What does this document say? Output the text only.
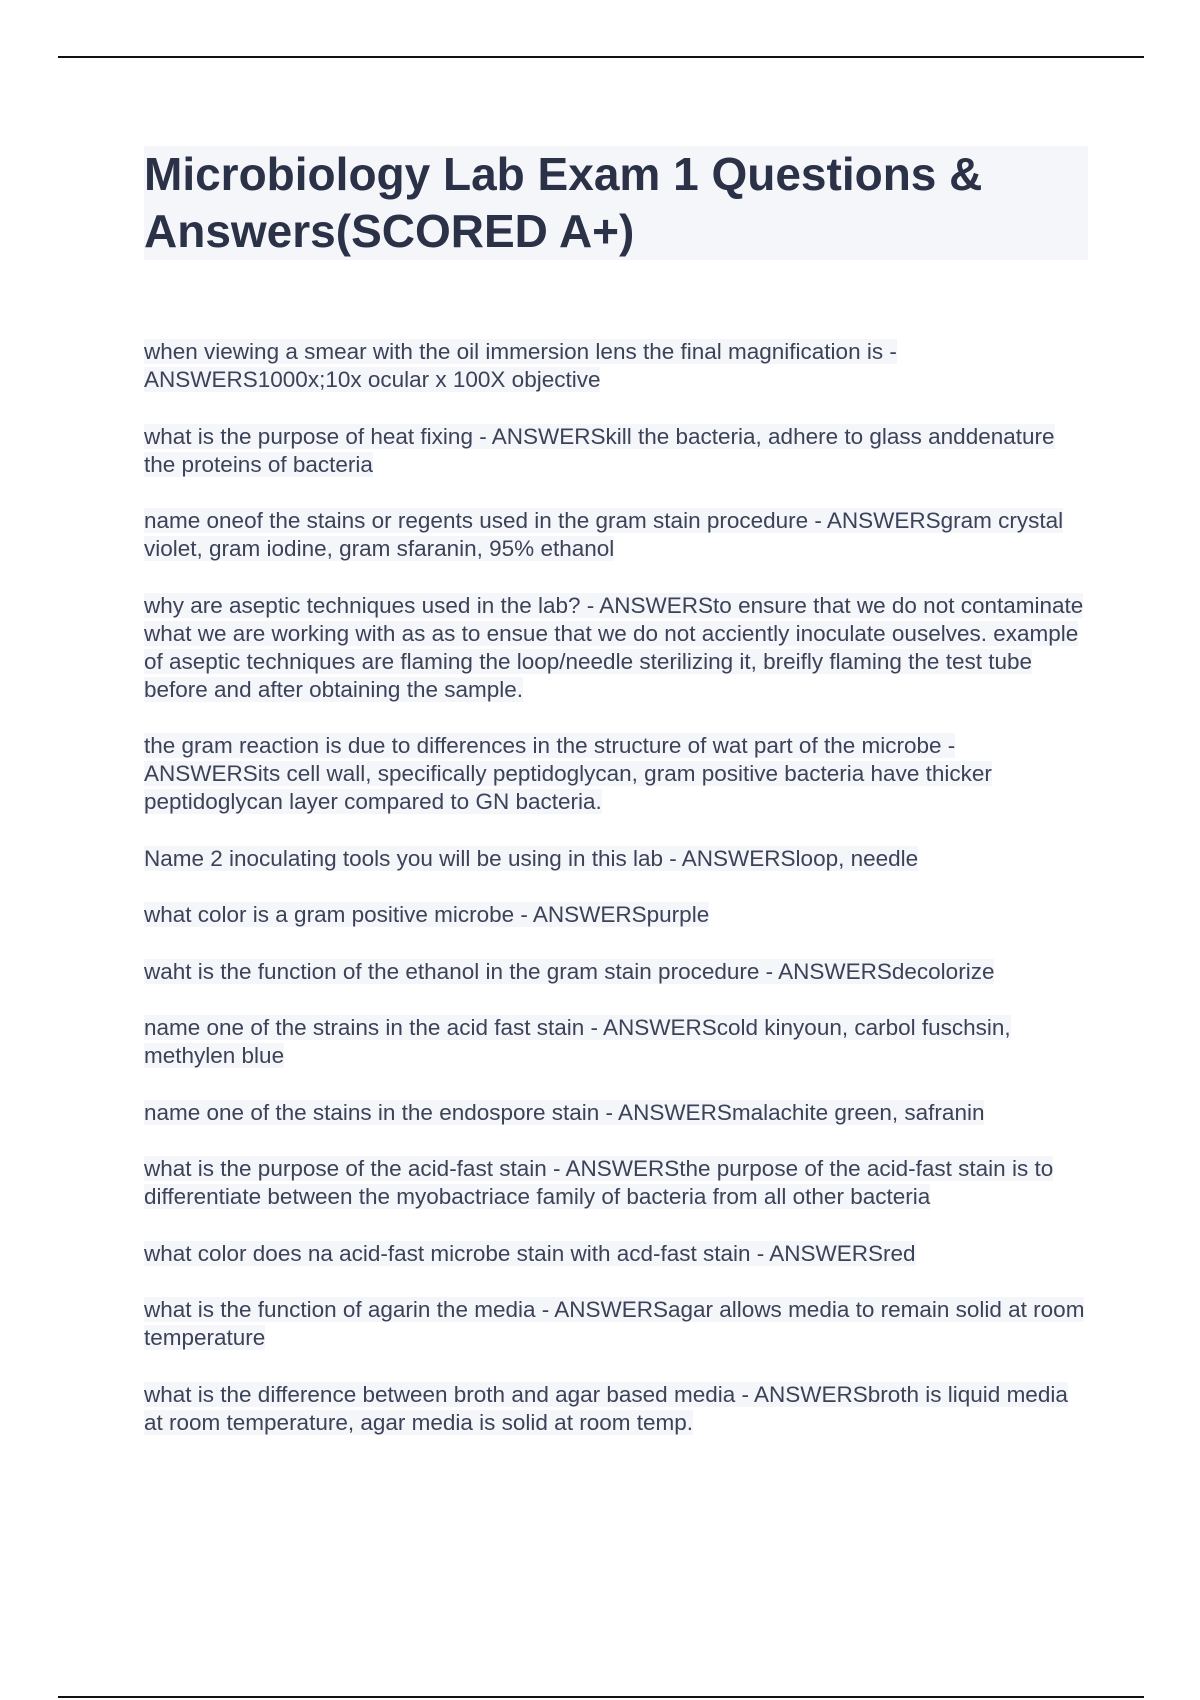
Microbiology Lab Exam 1 Questions & Answers(SCORED A+)

when viewing a smear with the oil immersion lens the final magnification is - ANSWERS1000x;10x ocular x 100X objective

what is the purpose of heat fixing - ANSWERSkill the bacteria, adhere to glass anddenature the proteins of bacteria

name oneof the stains or regents used in the gram stain procedure - ANSWERSgram crystal violet, gram iodine, gram sfaranin, 95% ethanol

why are aseptic techniques used in the lab? - ANSWERSto ensure that we do not contaminate what we are working with as as to ensue that we do not acciently inoculate ouselves. example of aseptic techniques are flaming the loop/needle sterilizing it, breifly flaming the test tube before and after obtaining the sample.

the gram reaction is due to differences in the structure of wat part of the microbe - ANSWERSits cell wall, specifically peptidoglycan, gram positive bacteria have thicker peptidoglycan layer compared to GN bacteria.

Name 2 inoculating tools you will be using in this lab - ANSWERSloop, needle

what color is a gram positive microbe - ANSWERSpurple

waht is the function of the ethanol in the gram stain procedure - ANSWERSdecolorize

name one of the strains in the acid fast stain - ANSWERScold kinyoun, carbol fuschsin, methylen blue

name one of the stains in the endospore stain - ANSWERSmalachite green, safranin

what is the purpose of the acid-fast stain - ANSWERSthe purpose of the acid-fast stain is to differentiate between the myobactriace family of bacteria from all other bacteria

what color does na acid-fast microbe stain with acd-fast stain - ANSWERSred

what is the function of agarin the media - ANSWERSagar allows media to remain solid at room temperature

what is the difference between broth and agar based media - ANSWERSbroth is liquid media at room temperature, agar media is solid at room temp.
